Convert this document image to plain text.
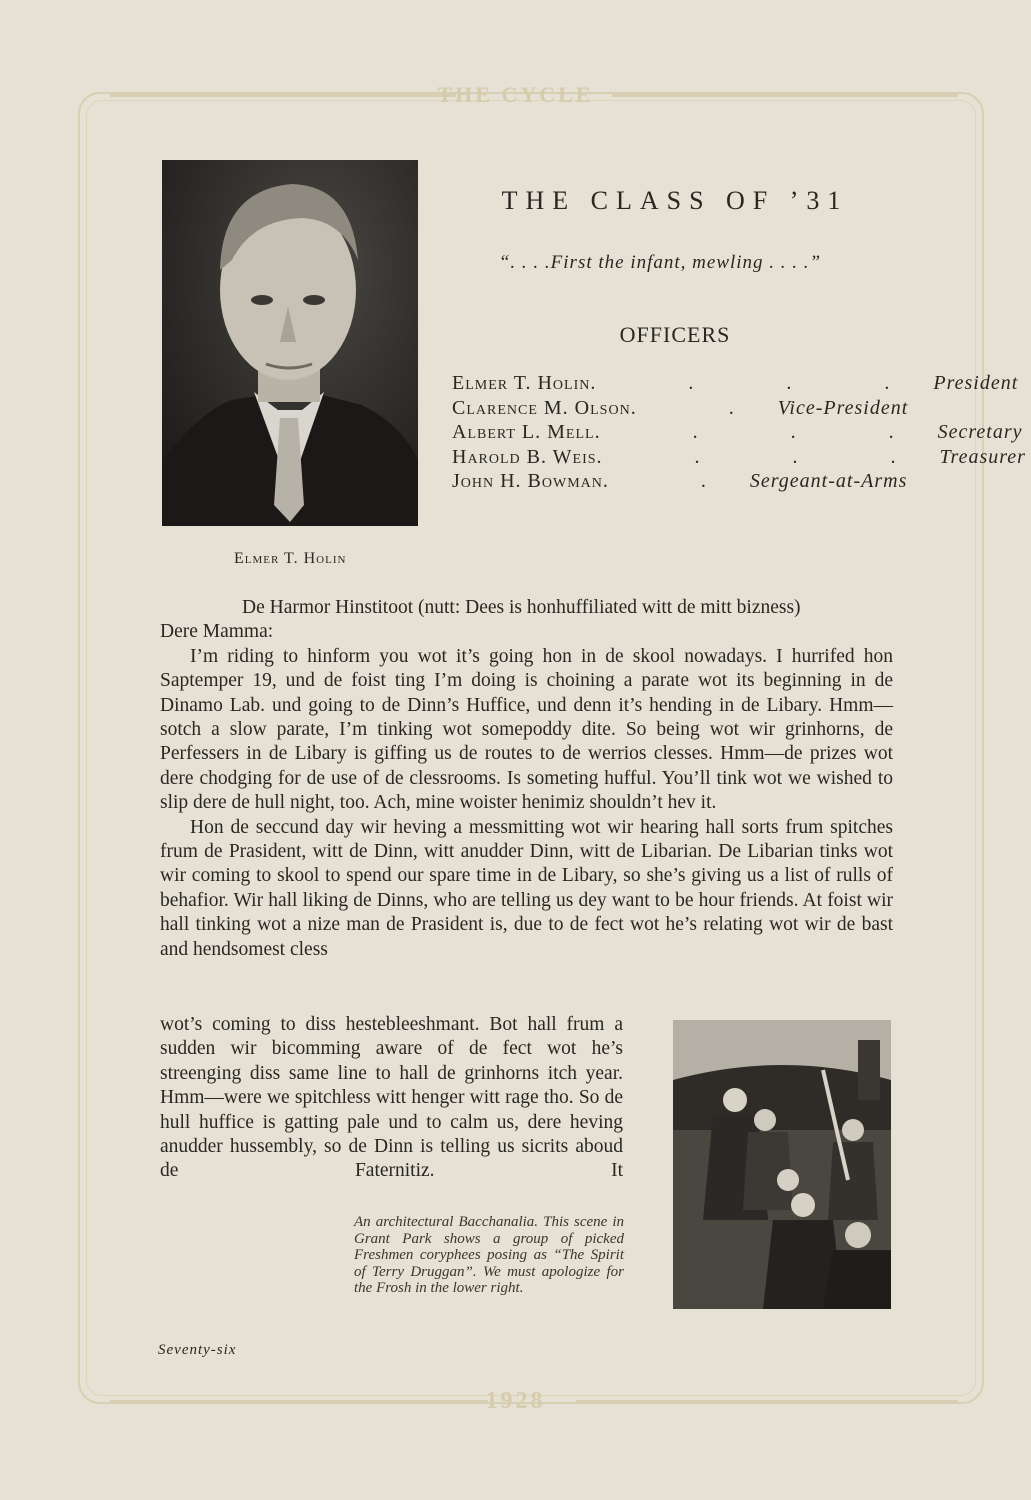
THE CYCLE
1928
Elmer T. Holin
THE CLASS OF ’31
“. . . .First the infant, mewling . . . .”
OFFICERS
Elmer T. Holin . . . . President
Clarence M. Olson . . Vice-President
Albert L. Mell . . . . Secretary
Harold B. Weis . . . . Treasurer
John H. Bowman . . Sergeant-at-Arms

De Harmor Hinstitoot (nutt: Dees is honhuffiliated witt de mitt bizness)

Dere Mamma:

I’m riding to hinform you wot it’s going hon in de skool nowadays. I hurrifed hon Saptemper 19, und de foist ting I’m doing is choining a parate wot its beginning in de Dinamo Lab. und going to de Dinn’s Huffice, und denn it’s hending in de Libary. Hmm—sotch a slow parate, I’m tinking wot somepoddy dite. So being wot wir grinhorns, de Perfessers in de Libary is giffing us de routes to de werrios clesses. Hmm—de prizes wot dere chodging for de use of de clessrooms. Is someting hufful. You’ll tink wot we wished to slip dere de hull night, too. Ach, mine woister henimiz shouldn’t hev it.

Hon de seccund day wir heving a messmitting wot wir hearing hall sorts frum spitches frum de Prasident, witt de Dinn, witt anudder Dinn, witt de Libarian. De Libarian tinks wot wir coming to skool to spend our spare time in de Libary, so she’s giving us a list of rulls of behafior. Wir hall liking de Dinns, who are telling us dey want to be hour friends. At foist wir hall tinking wot a nize man de Prasident is, due to de fect wot he’s relating wot wir de bast and hendsomest cless

wot’s coming to diss hestebleeshmant. Bot hall frum a sudden wir bicomming aware of de fect wot he’s streenging diss same line to hall de grinhorns itch year. Hmm—were we spitchless witt henger witt rage tho. So de hull huffice is gatting pale und to calm us, dere heving anudder hussembly, so de Dinn is telling us sicrits aboud de Faternitiz. It
An architectural Bacchanalia. This scene in Grant Park shows a group of picked Freshmen coryphees posing as “The Spirit of Terry Druggan”. We must apologize for the Frosh in the lower right.
Seventy-six
